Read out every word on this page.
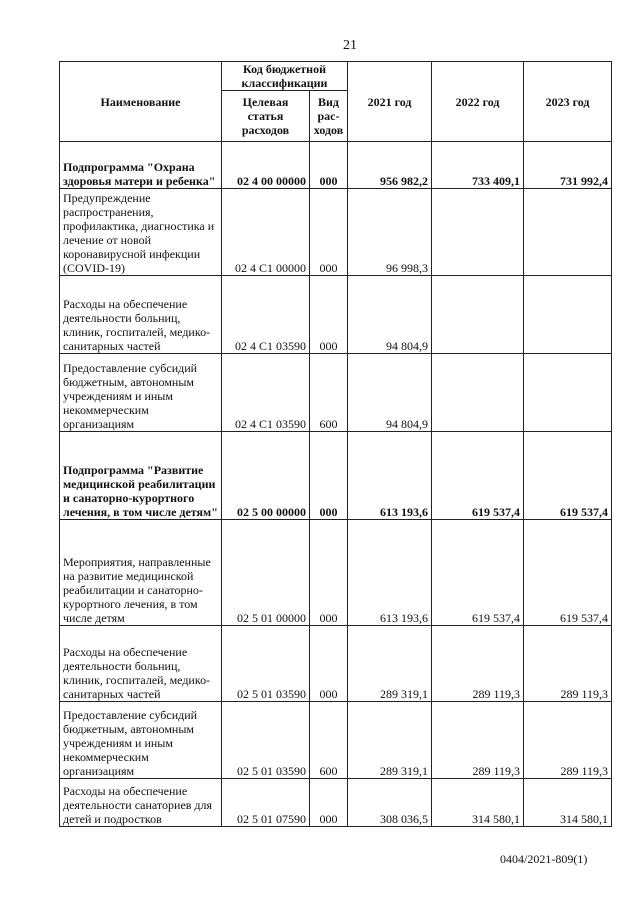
21
Наименование	Код бюджетной классификации		2021 год	2022 год	2023 год
	Целевая статья расходов	Вид рас-ходов			
Подпрограмма "Охрана здоровья матери и ребенка"	02 4 00 00000	000	956 982,2	733 409,1	731 992,4
Предупреждение распространения, профилактика, диагностика и лечение от новой коронавирусной инфекции (COVID-19)	02 4 C1 00000	000	96 998,3		
Расходы на обеспечение деятельности больниц, клиник, госпиталей, медико-санитарных частей	02 4 C1 03590	000	94 804,9		
Предоставление субсидий бюджетным, автономным учреждениям и иным некоммерческим организациям	02 4 C1 03590	600	94 804,9		
Подпрограмма "Развитие медицинской реабилитации и санаторно-курортного лечения, в том числе детям"	02 5 00 00000	000	613 193,6	619 537,4	619 537,4
Мероприятия, направленные на развитие медицинской реабилитации и санаторно-курортного лечения, в том числе детям	02 5 01 00000	000	613 193,6	619 537,4	619 537,4
Расходы на обеспечение деятельности больниц, клиник, госпиталей, медико-санитарных частей	02 5 01 03590	000	289 319,1	289 119,3	289 119,3
Предоставление субсидий бюджетным, автономным учреждениям и иным некоммерческим организациям	02 5 01 03590	600	289 319,1	289 119,3	289 119,3
Расходы на обеспечение деятельности санаториев для детей и подростков	02 5 01 07590	000	308 036,5	314 580,1	314 580,1
0404/2021-809(1)
